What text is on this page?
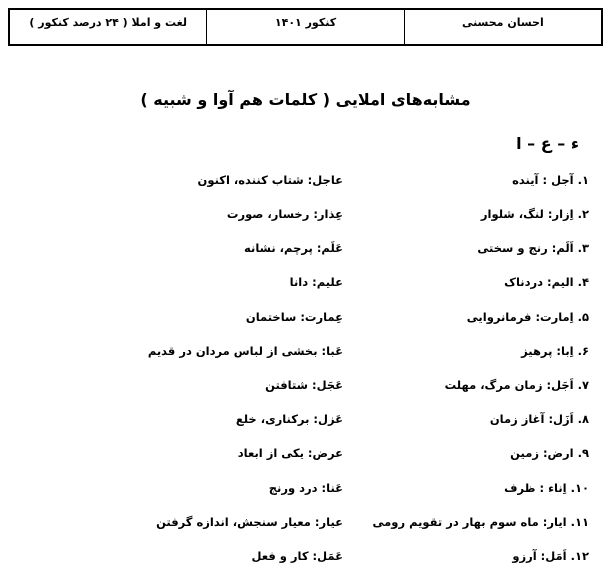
احسان محسنی
کنکور ۱۴۰۱
لغت و املا ( ۲۴ درصد کنکور )
مشابه‌های املایی ( کلمات هم آوا و شبیه )
ء – ع – ا
۱. آجل : آینده
عاجل: شتاب کننده، اکنون
۲. اِزار: لنگ، شلوار
عِذار: رخسار، صورت
۳. اَلَم: رنج و سختی
عَلَم: پرچم، نشانه
۴. الیم: دردناک
علیم: دانا
۵. اِمارت: فرمانروایی
عِمارت: ساختمان
۶. اِبا: پرهیز
عَبا: بخشی از لباس مردان در قدیم
۷. اَجَل: زمان مرگ، مهلت
عَجَل: شتافتن
۸. اَزَل: آغاز زمان
عَزل: برکناری، خلع
۹. ارض: زمین
عرض: یکی از ابعاد
۱۰. اِناء : ظرف
عَنا: درد ورنج
۱۱. ایار: ماه سوم بهار در تقویم رومی
عیار: معیار سنجش، اندازه گرفتن
۱۲. اَمَل: آرزو
عَمَل: کار و فعل
